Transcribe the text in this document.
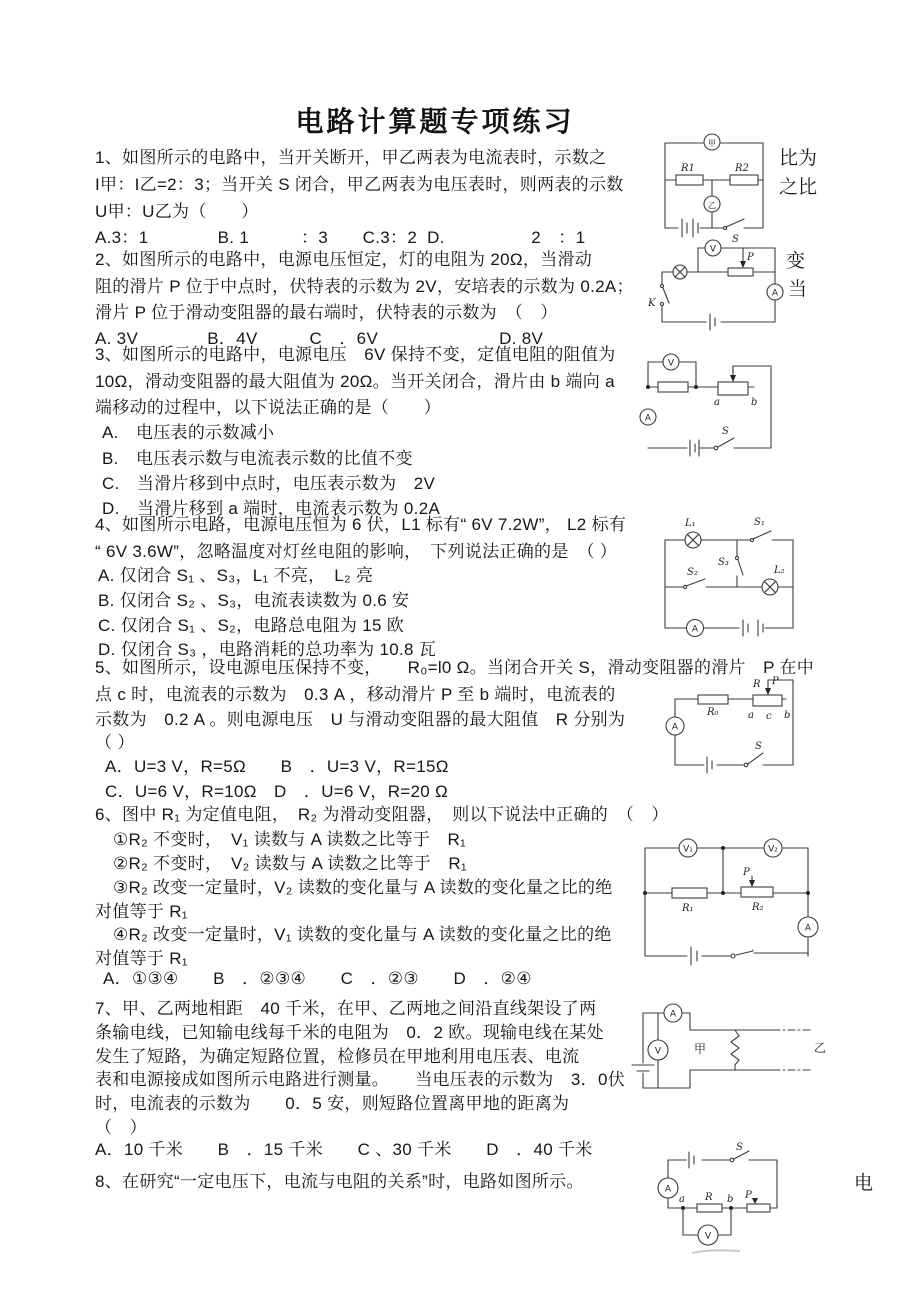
电路计算题专项练习
1、如图所示的电路中，当开关断开，甲乙两表为电流表时，示数之
I甲：I乙=2：3；当开关 S 闭合，甲乙两表为电压表时，则两表的示数
U甲：U乙为（　　）
A.3：1　　　　B. 1　　　：3　　C.3：2  D.　　　　　2　：1
比为
之比
S
甲
R1	R2
乙
2、如图所示的电路中，电源电压恒定，灯的电阻为 20Ω，当滑动
阻的滑片 P 位于中点时，伏特表的示数为 2V，安培表的示数为 0.2A；
滑片 P 位于滑动变阻器的最右端时，伏特表的示数为　（　）
A. 3V　　　　B．4V　　　C　．6V　　　　　　　D. 8V
变
当
V
P
K
A
3、如图所示的电路中，电源电压　6V 保持不变，定值电阻的阻值为
10Ω，滑动变阻器的最大阻值为 20Ω。当开关闭合，滑片由 b 端向 a
端移动的过程中，以下说法正确的是（　　）
A.　电压表的示数减小
B.　电压表示数与电流表示数的比值不变
C.　当滑片移到中点时，电压表示数为　2V
D.　当滑片移到 a 端时，电流表示数为 0.2A
V
a	b
A
S
4、如图所示电路，电源电压恒为 6 伏，L1 标有“ 6V 7.2W”， L2 标有
“ 6V 3.6W”，忽略温度对灯丝电阻的影响，　下列说法正确的是　（ ）
A. 仅闭合 S₁ 、S₃，L₁ 不亮，　L₂ 亮
B. 仅闭合 S₂ 、S₃，电流表读数为 0.6 安
C. 仅闭合 S₁ 、S₂，电路总电阻为 15 欧
D. 仅闭合 S₃ ，电路消耗的总功率为 10.8 瓦
L₁	S₁
S₃
S₂	L₂
A
5、如图所示，设电源电压保持不变，　　R₀=l0 Ω。当闭合开关 S，滑动变阻器的滑片　P 在中
点 c 时，电流表的示数为　0.3 A ，移动滑片 P 至 b 端时，电流表的
示数为　0.2 A 。则电源电压　U 与滑动变阻器的最大阻值　R 分别为
（ ）
A．U=3 V，R=5Ω　　B　．U=3 V，R=15Ω
C．U=6 V，R=10Ω　D　．U=6 V，R=20 Ω
R₀
R P
a c b
A
S
6、图中 R₁ 为定值电阻，　R₂ 为滑动变阻器，　则以下说法中正确的　（　）
①R₂ 不变时，　V₁ 读数与 A 读数之比等于　R₁
②R₂ 不变时，　V₂ 读数与 A 读数之比等于　R₁
③R₂ 改变一定量时，V₂ 读数的变化量与 A 读数的变化量之比的绝
对值等于 R₁
④R₂ 改变一定量时，V₁ 读数的变化量与 A 读数的变化量之比的绝
对值等于 R₁
A．①③④　　B　．②③④　　C　．②③　　D　．②④
V₁	V₂
R₁
P
R₂
A
7、甲、乙两地相距　40 千米，在甲、乙两地之间沿直线架设了两
条输电线，已知输电线每千米的电阻为　0．2 欧。现输电线在某处
发生了短路，为确定短路位置，检修员在甲地利用电压表、电流
表和电源接成如图所示电路进行测量。　　当电压表的示数为　3．0伏
时，电流表的示数为　　0．5 安，则短路位置离甲地的距离为
（　）
A．10 千米　　B　．15 千米　　C 、30 千米　　D　．40 千米
A
V	甲	乙
8、在研究“一定电压下，电流与电阻的关系”时，电路如图所示。	电
S
A
a R b P
V
